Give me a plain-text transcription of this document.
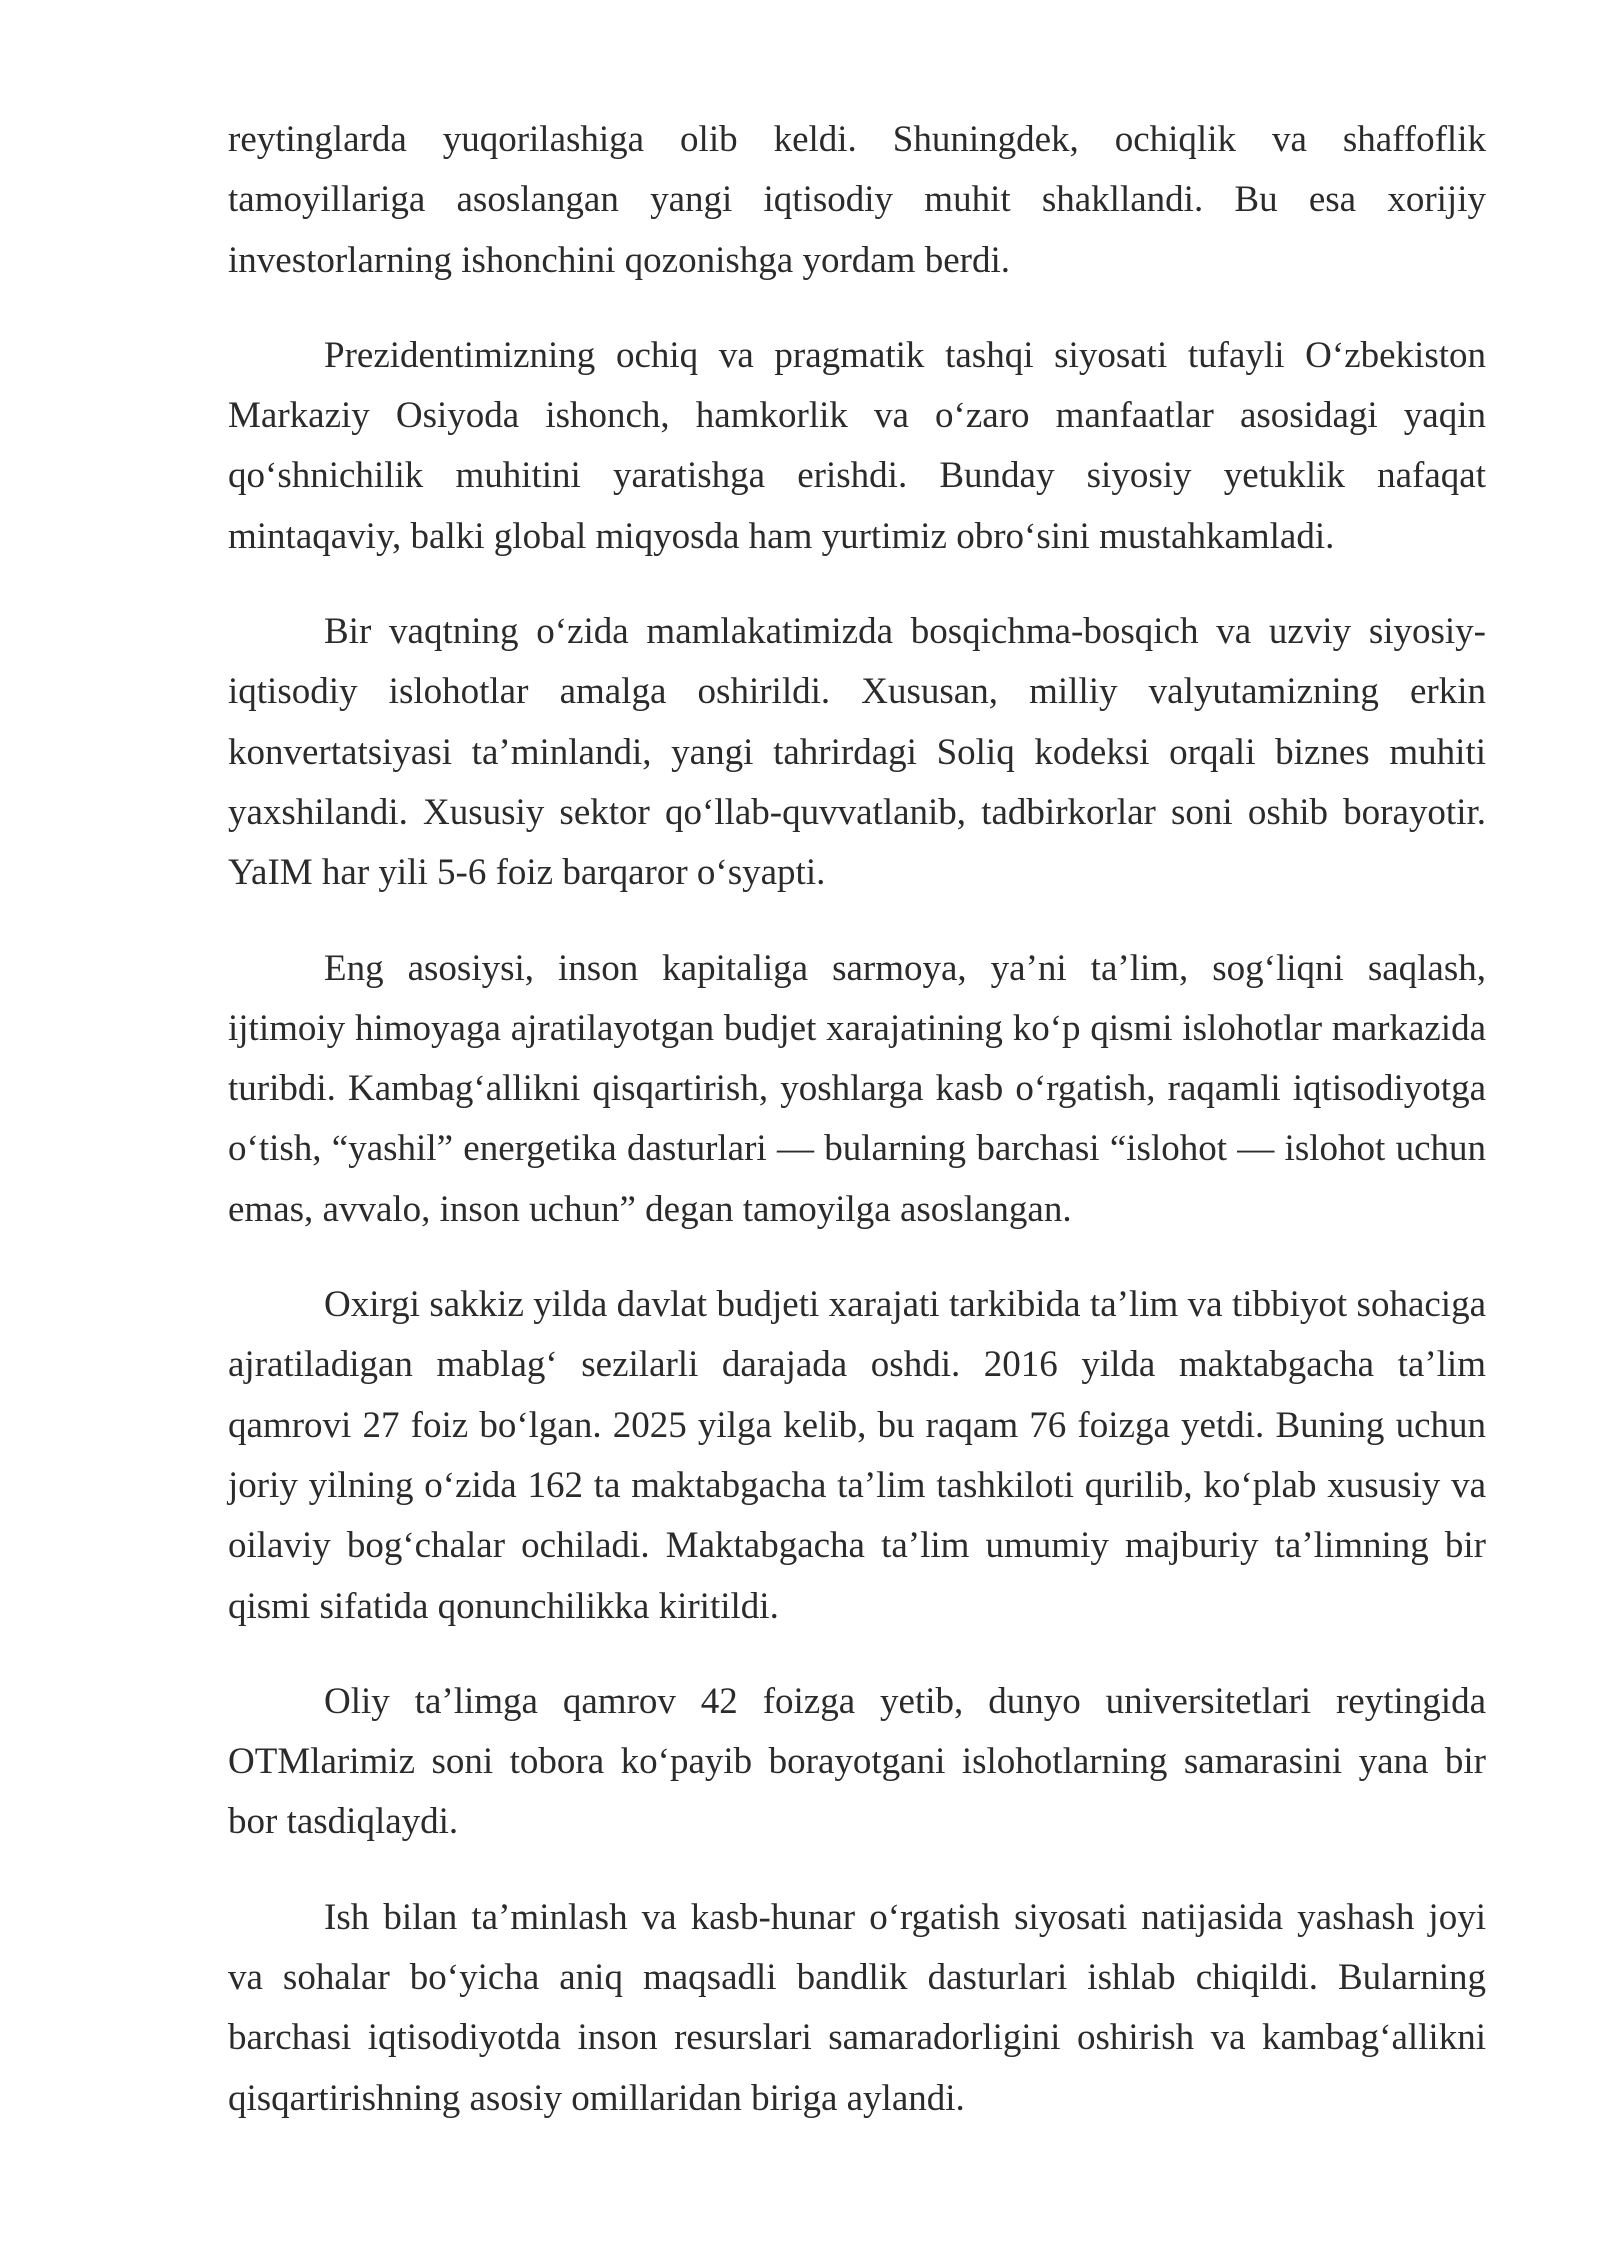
reytinglarda yuqorilashiga olib keldi. Shuningdek, ochiqlik va shaffoflik tamoyillariga asoslangan yangi iqtisodiy muhit shakllandi. Bu esa xorijiy investorlarning ishonchini qozonishga yordam berdi.

Prezidentimizning ochiq va pragmatik tashqi siyosati tufayli O‘zbekiston Markaziy Osiyoda ishonch, hamkorlik va o‘zaro manfaatlar asosidagi yaqin qo‘shnichilik muhitini yaratishga erishdi. Bunday siyosiy yetuklik nafaqat mintaqaviy, balki global miqyosda ham yurtimiz obro‘sini mustahkamladi.

Bir vaqtning o‘zida mamlakatimizda bosqichma-bosqich va uzviy siyosiy-iqtisodiy islohotlar amalga oshirildi. Xususan, milliy valyutamizning erkin konvertatsiyasi ta’minlandi, yangi tahrirdagi Soliq kodeksi orqali biznes muhiti yaxshilandi. Xususiy sektor qo‘llab-quvvatlanib, tadbirkorlar soni oshib borayotir. YaIM har yili 5-6 foiz barqaror o‘syapti.

Eng asosiysi, inson kapitaliga sarmoya, ya’ni ta’lim, sog‘liqni saqlash, ijtimoiy himoyaga ajratilayotgan budjet xarajatining ko‘p qismi islohotlar markazida turibdi. Kambag‘allikni qisqartirish, yoshlarga kasb o‘rgatish, raqamli iqtisodiyotga o‘tish, “yashil” energetika dasturlari — bularning barchasi “islohot — islohot uchun emas, avvalo, inson uchun” degan tamoyilga asoslangan.

Oxirgi sakkiz yilda davlat budjeti xarajati tarkibida ta’lim va tibbiyot sohaciga ajratiladigan mablag‘ sezilarli darajada oshdi. 2016 yilda maktabgacha ta’lim qamrovi 27 foiz bo‘lgan. 2025 yilga kelib, bu raqam 76 foizga yetdi. Buning uchun joriy yilning o‘zida 162 ta maktabgacha ta’lim tashkiloti qurilib, ko‘plab xususiy va oilaviy bog‘chalar ochiladi. Maktabgacha ta’lim umumiy majburiy ta’limning bir qismi sifatida qonunchilikka kiritildi.

Oliy ta’limga qamrov 42 foizga yetib, dunyo universitetlari reytingida OTMlarimiz soni tobora ko‘payib borayotgani islohotlarning samarasini yana bir bor tasdiqlaydi.

Ish bilan ta’minlash va kasb-hunar o‘rgatish siyosati natijasida yashash joyi va sohalar bo‘yicha aniq maqsadli bandlik dasturlari ishlab chiqildi. Bularning barchasi iqtisodiyotda inson resurslari samaradorligini oshirish va kambag‘allikni qisqartirishning asosiy omillaridan biriga aylandi.
